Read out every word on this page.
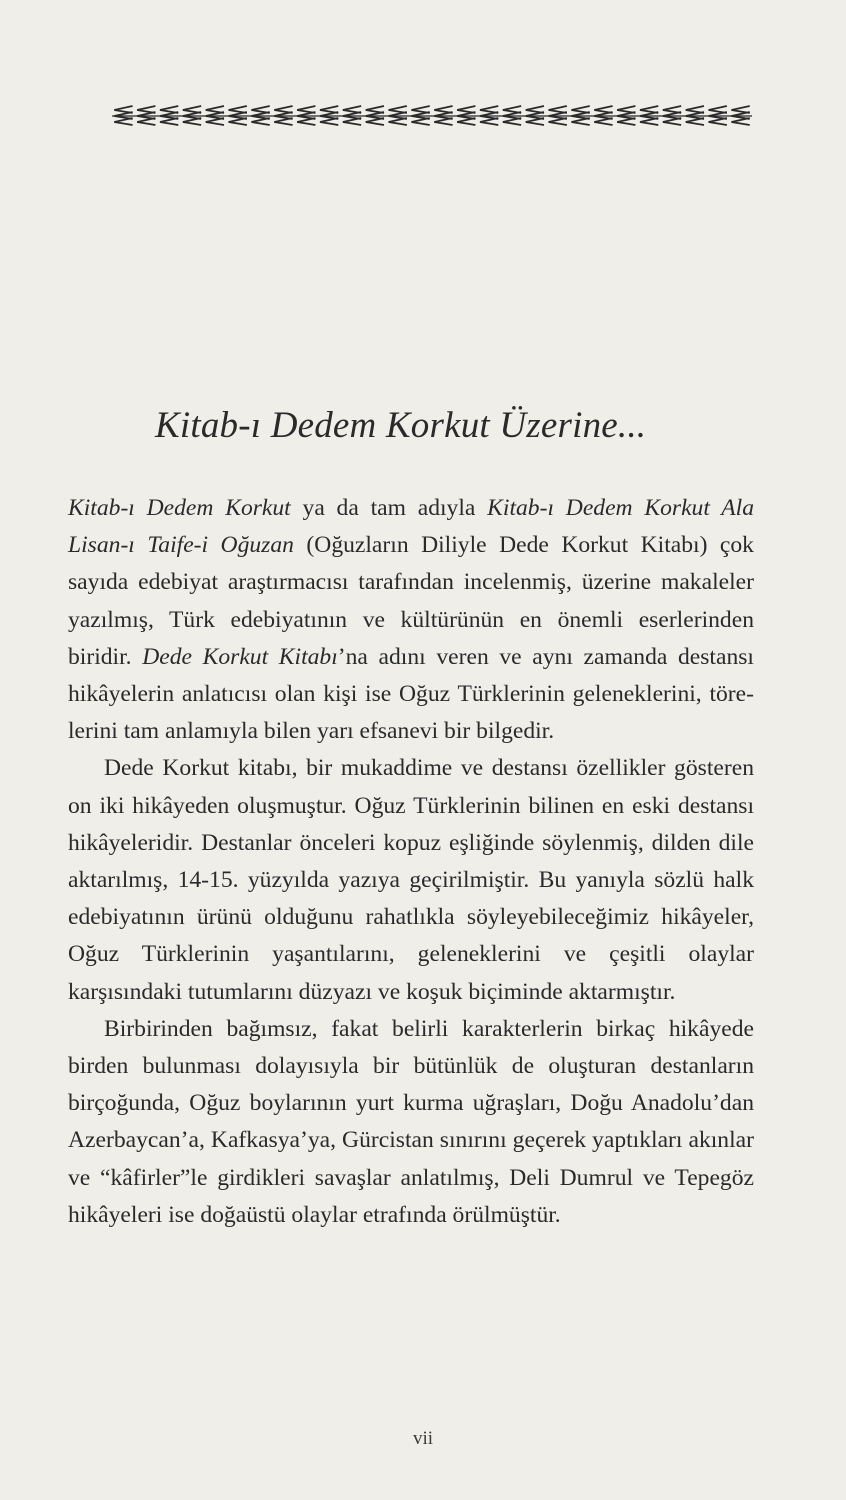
Kitab-ı Dedem Korkut Üzerine...

Kitab-ı Dedem Korkut ya da tam adıyla Kitab-ı Dedem Korkut Ala Lisan-ı Taife-i Oğuzan (Oğuzların Diliyle Dede Korkut Kitabı) çok sayıda edebiyat araştırmacısı tarafından incelenmiş, üzerine makaleler yazılmış, Türk edebiyatının ve kültürünün en önemli eserlerinden biridir. Dede Korkut Kitabı’na adını veren ve aynı zamanda destansı hikâyelerin anlatıcısı olan kişi ise Oğuz Türklerinin geleneklerini, törelerini tam anlamıyla bilen yarı efsanevi bir bilgedir.

Dede Korkut kitabı, bir mukaddime ve destansı özellikler gösteren on iki hikâyeden oluşmuştur. Oğuz Türklerinin bilinen en eski destansı hikâyeleridir. Destanlar önceleri kopuz eşliğinde söylenmiş, dilden dile aktarılmış, 14-15. yüzyılda yazıya geçirilmiştir. Bu yanıyla sözlü halk edebiyatının ürünü olduğunu rahatlıkla söyleyebileceğimiz hikâyeler, Oğuz Türklerinin yaşantılarını, geleneklerini ve çeşitli olaylar karşısındaki tutumlarını düzyazı ve koşuk biçiminde aktarmıştır.

Birbirinden bağımsız, fakat belirli karakterlerin birkaç hikâyede birden bulunması dolayısıyla bir bütünlük de oluşturan destanların birçoğunda, Oğuz boylarının yurt kurma uğraşları, Doğu Anadolu’dan Azerbaycan’a, Kafkasya’ya, Gürcistan sınırını geçerek yaptıkları akınlar ve “kâfirler”le girdikleri savaşlar anlatılmış, Deli Dumrul ve Tepegöz hikâyeleri ise doğaüstü olaylar etrafında örülmüştür.

vii
